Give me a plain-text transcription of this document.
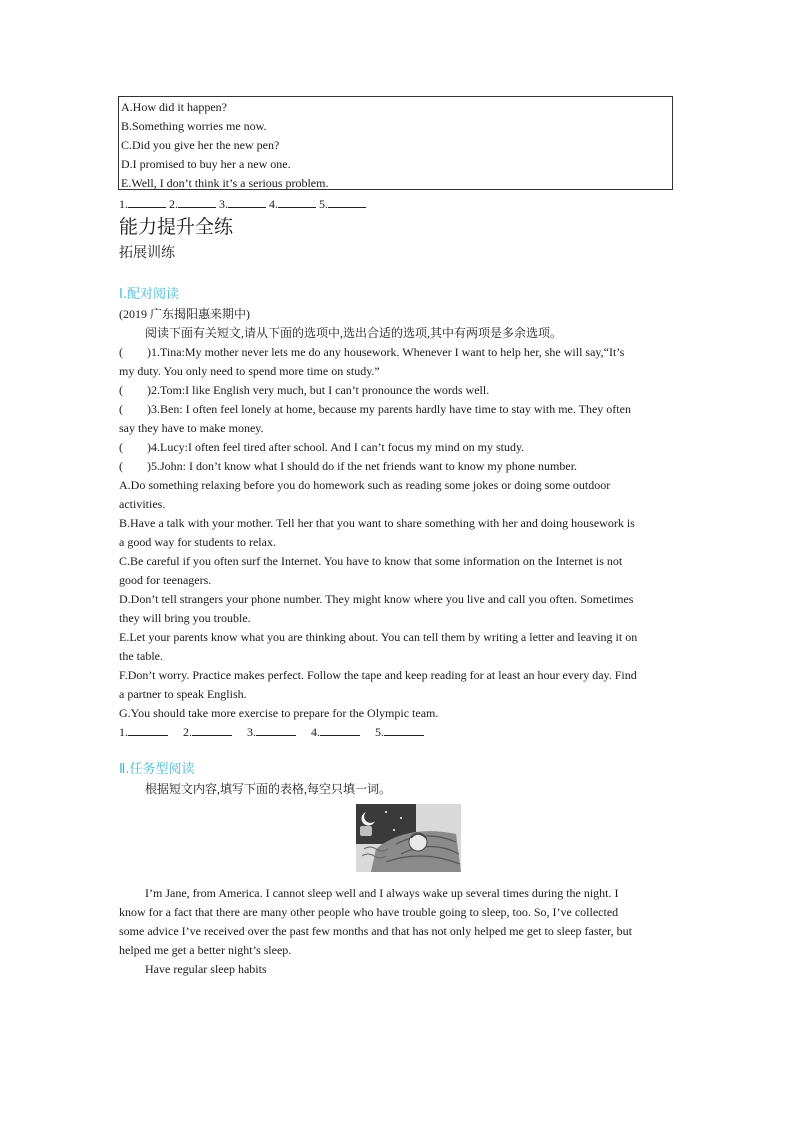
A.How did it happen?
B.Something worries me now.
C.Did you give her the new pen?
D.I promised to buy her a new one.
E.Well, I don’t think it’s a serious problem.
1.	2.	3.	4.	5.
能力提升全练
拓展训练
Ⅰ.配对阅读
(2019 广东揭阳惠来期中)
阅读下面有关短文,请从下面的选项中,选出合适的选项,其中有两项是多余选项。
(　　)1.Tina:My mother never lets me do any housework. Whenever I want to help her, she will say,“It’s
my duty. You only need to spend more time on study.”
(　　)2.Tom:I like English very much, but I can’t pronounce the words well.
(　　)3.Ben: I often feel lonely at home, because my parents hardly have time to stay with me. They often
say they have to make money.
(　　)4.Lucy:I often feel tired after school. And I can’t focus my mind on my study.
(　　)5.John: I don’t know what I should do if the net friends want to know my phone number.
A.Do something relaxing before you do homework such as reading some jokes or doing some outdoor
activities.
B.Have a talk with your mother. Tell her that you want to share something with her and doing housework is
a good way for students to relax.
C.Be careful if you often surf the Internet. You have to know that some information on the Internet is not
good for teenagers.
D.Don’t tell strangers your phone number. They might know where you live and call you often. Sometimes
they will bring you trouble.
E.Let your parents know what you are thinking about. You can tell them by writing a letter and leaving it on
the table.
F.Don’t worry. Practice makes perfect. Follow the tape and keep reading for at least an hour every day. Find
a partner to speak English.
G.You should take more exercise to prepare for the Olympic team.
1.	2.	3.	4.	5.
Ⅱ.任务型阅读
根据短文内容,填写下面的表格,每空只填一词。
I’m Jane, from America. I cannot sleep well and I always wake up several times during the night. I
know for a fact that there are many other people who have trouble going to sleep, too. So, I’ve collected
some advice I’ve received over the past few months and that has not only helped me get to sleep faster, but
helped me get a better night’s sleep.
Have regular sleep habits
